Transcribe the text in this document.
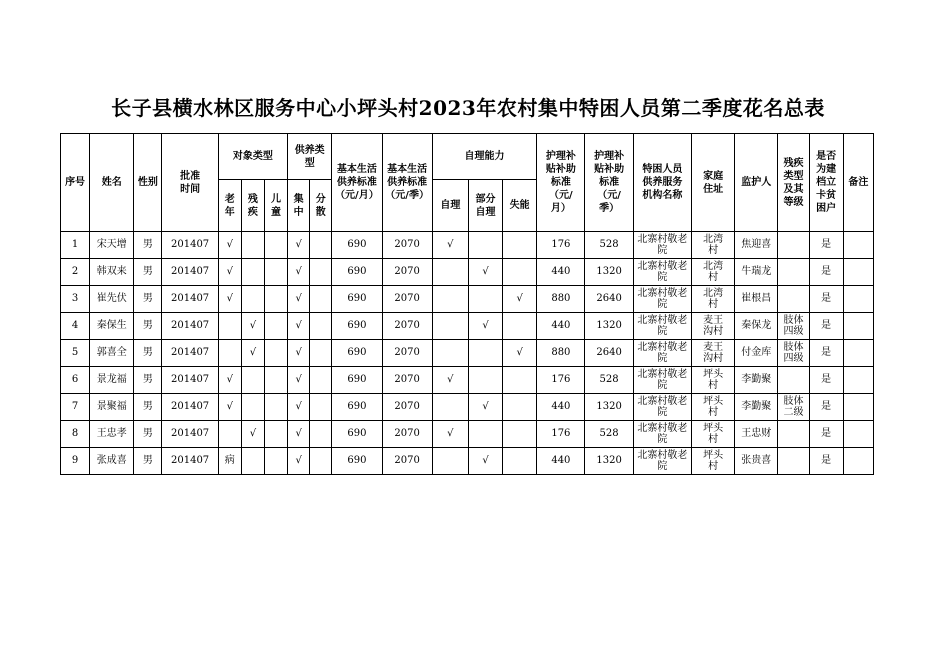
长子县横水林区服务中心小坪头村2023年农村集中特困人员第二季度花名总表
序号	姓名	性别	批准时间	对象类型			供养类型		基本生活供养标准（元/月）	基本生活供养标准（元/季）	自理能力			护理补贴补助标准（元/月）	护理补贴补助标准（元/季）	特困人员供养服务机构名称	家庭住址	监护人	残疾类型及其等级	是否为建档立卡贫困户	备注
				老年	残疾	儿童	集中	分散			自理	部分自理	失能								
1	宋天增	男	201407	√			√		690	2070	√			176	528	北寨村敬老院	北湾村	焦迎喜		是	
2	韩双来	男	201407	√			√		690	2070		√		440	1320	北寨村敬老院	北湾村	牛瑞龙		是	
3	崔先伏	男	201407	√			√		690	2070			√	880	2640	北寨村敬老院	北湾村	崔根昌		是	
4	秦保生	男	201407		√		√		690	2070		√		440	1320	北寨村敬老院	麦王沟村	秦保龙	肢体四级	是	
5	郭喜全	男	201407		√		√		690	2070			√	880	2640	北寨村敬老院	麦王沟村	付金库	肢体四级	是	
6	景龙福	男	201407	√			√		690	2070	√			176	528	北寨村敬老院	坪头村	李勤聚		是	
7	景聚福	男	201407	√			√		690	2070		√		440	1320	北寨村敬老院	坪头村	李勤聚	肢体二级	是	
8	王忠孝	男	201407		√		√		690	2070	√			176	528	北寨村敬老院	坪头村	王忠财		是	
9	张成喜	男	201407	病			√		690	2070		√		440	1320	北寨村敬老院	坪头村	张贵喜		是	
